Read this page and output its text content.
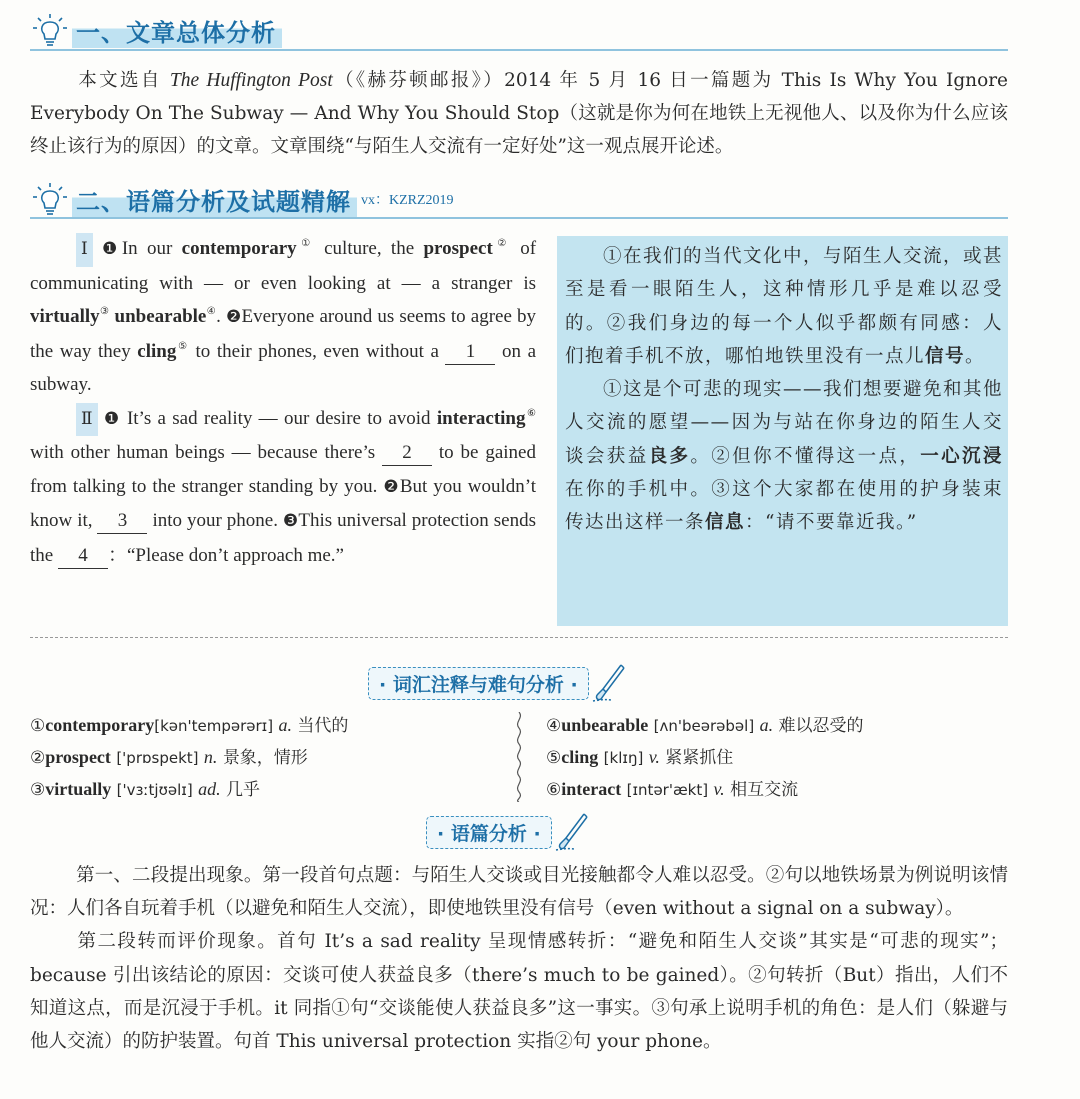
一、文章总体分析
本文选自 The Huffington Post（《赫芬顿邮报》）2014 年 5 月 16 日一篇题为 This Is Why You Ignore Everybody On The Subway — And Why You Should Stop（这就是你为何在地铁上无视他人、以及你为什么应该终止该行为的原因）的文章。文章围绕“与陌生人交流有一定好处”这一观点展开论述。
二、语篇分析及试题精解 vx：KZRZ2019
Ⅰ ❶In our contemporary① culture, the prospect② of communicating with — or even looking at — a stranger is virtually③ unbearable④. ❷Everyone around us seems to agree by the way they cling⑤ to their phones, even without a 1 on a subway.
Ⅱ ❶ It’s a sad reality — our desire to avoid interacting⑥ with other human beings — because there’s 2 to be gained from talking to the stranger standing by you. ❷But you wouldn’t know it, 3 into your phone. ❸This universal protection sends the 4 ：“Please don’t approach me.”
①在我们的当代文化中，与陌生人交流，或甚至是看一眼陌生人，这种情形几乎是难以忍受的。②我们身边的每一个人似乎都颇有同感：人们抱着手机不放，哪怕地铁里没有一点儿信号。
①这是个可悲的现实——我们想要避免和其他人交流的愿望——因为与站在你身边的陌生人交谈会获益良多。②但你不懂得这一点，一心沉浸在你的手机中。③这个大家都在使用的护身装束传达出这样一条信息：“请不要靠近我。”
· 词汇注释与难句分析 ·
①contemporary[kən'tempərərɪ] a. 当代的
②prospect ['prɒspekt] n. 景象，情形
③virtually ['vɜːtjʊəlɪ] ad. 几乎
④unbearable [ʌn'beərəbəl] a. 难以忍受的
⑤cling [klɪŋ] v. 紧紧抓住
⑥interact [ɪntər'ækt] v. 相互交流
· 语篇分析 ·
第一、二段提出现象。第一段首句点题：与陌生人交谈或目光接触都令人难以忍受。②句以地铁场景为例说明该情况：人们各自玩着手机（以避免和陌生人交流），即使地铁里没有信号（even without a signal on a subway）。
第二段转而评价现象。首句 It’s a sad reality 呈现情感转折：“避免和陌生人交谈”其实是“可悲的现实”；because 引出该结论的原因：交谈可使人获益良多（there’s much to be gained）。②句转折（But）指出，人们不知道这点，而是沉浸于手机。it 同指①句“交谈能使人获益良多”这一事实。③句承上说明手机的角色：是人们（躲避与他人交流）的防护装置。句首 This universal protection 实指②句 your phone。
